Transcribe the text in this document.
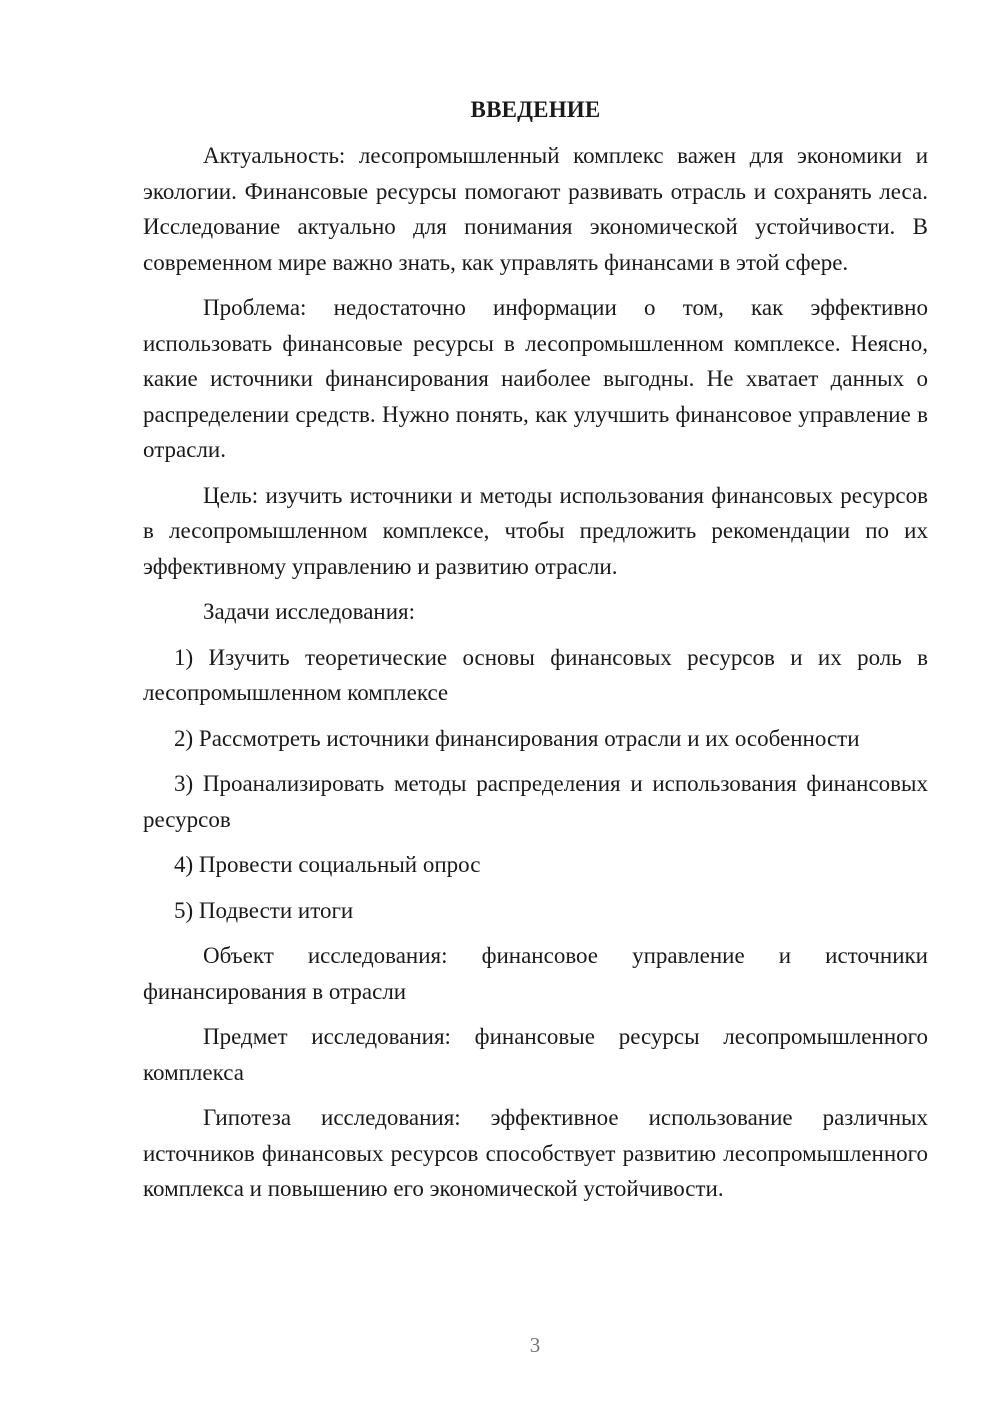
ВВЕДЕНИЕ

Актуальность: лесопромышленный комплекс важен для экономики и экологии. Финансовые ресурсы помогают развивать отрасль и сохранять леса. Исследование актуально для понимания экономической устойчивости. В современном мире важно знать, как управлять финансами в этой сфере.

Проблема: недостаточно информации о том, как эффективно использовать финансовые ресурсы в лесопромышленном комплексе. Неясно, какие источники финансирования наиболее выгодны. Не хватает данных о распределении средств. Нужно понять, как улучшить финансовое управление в отрасли.

Цель: изучить источники и методы использования финансовых ресурсов в лесопромышленном комплексе, чтобы предложить рекомендации по их эффективному управлению и развитию отрасли.

Задачи исследования:

1) Изучить теоретические основы финансовых ресурсов и их роль в лесопромышленном комплексе

2) Рассмотреть источники финансирования отрасли и их особенности

3) Проанализировать методы распределения и использования финансовых ресурсов

4) Провести социальный опрос

5) Подвести итоги

Объект исследования: финансовое управление и источники финансирования в отрасли

Предмет исследования: финансовые ресурсы лесопромышленного комплекса

Гипотеза исследования: эффективное использование различных источников финансовых ресурсов способствует развитию лесопромышленного комплекса и повышению его экономической устойчивости.

3
